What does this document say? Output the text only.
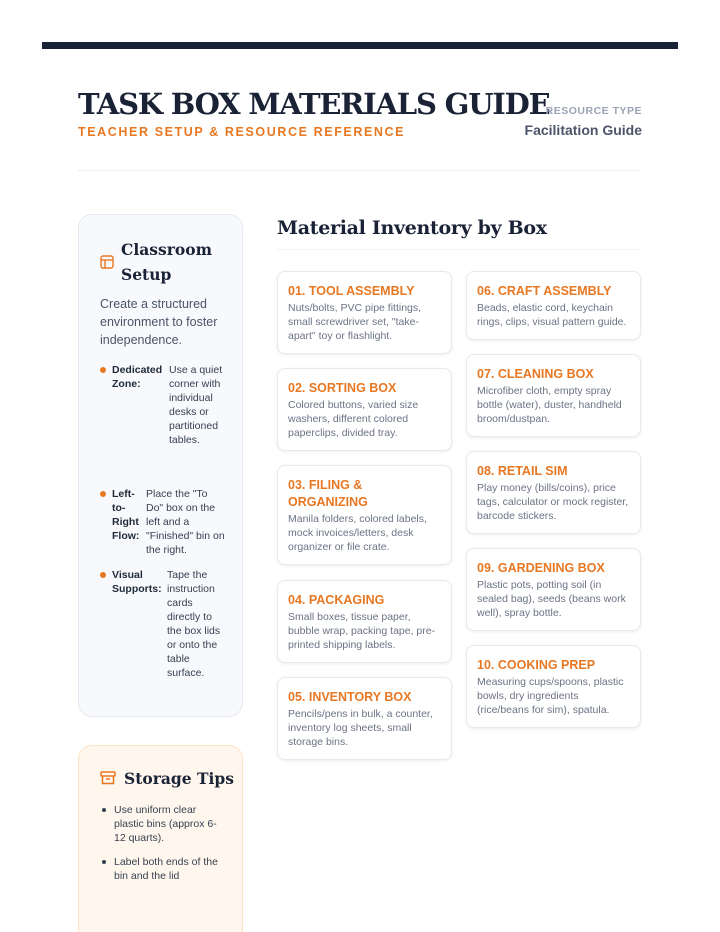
TASK BOX MATERIALS GUIDE
TEACHER SETUP & RESOURCE REFERENCE
RESOURCE TYPE
Facilitation Guide
Classroom Setup

Create a structured environment to foster independence.

Dedicated Zone:
Use a quiet corner with individual desks or partitioned tables.
Left-to-Right Flow:
Place the "To Do" box on the left and a "Finished" bin on the right.
Visual Supports:
Tape the instruction cards directly to the box lids or onto the table surface.
Storage Tips
Use uniform clear plastic bins (approx 6-12 quarts).
Label both ends of the bin and the lid
Material Inventory by Box
01. TOOL ASSEMBLY
Nuts/bolts, PVC pipe fittings, small screwdriver set, "take-apart" toy or flashlight.
02. SORTING BOX
Colored buttons, varied size washers, different colored paperclips, divided tray.
03. FILING & ORGANIZING
Manila folders, colored labels, mock invoices/letters, desk organizer or file crate.
04. PACKAGING
Small boxes, tissue paper, bubble wrap, packing tape, pre-printed shipping labels.
05. INVENTORY BOX
Pencils/pens in bulk, a counter, inventory log sheets, small storage bins.
06. CRAFT ASSEMBLY
Beads, elastic cord, keychain rings, clips, visual pattern guide.
07. CLEANING BOX
Microfiber cloth, empty spray bottle (water), duster, handheld broom/dustpan.
08. RETAIL SIM
Play money (bills/coins), price tags, calculator or mock register, barcode stickers.
09. GARDENING BOX
Plastic pots, potting soil (in sealed bag), seeds (beans work well), spray bottle.
10. COOKING PREP
Measuring cups/spoons, plastic bowls, dry ingredients (rice/beans for sim), spatula.
